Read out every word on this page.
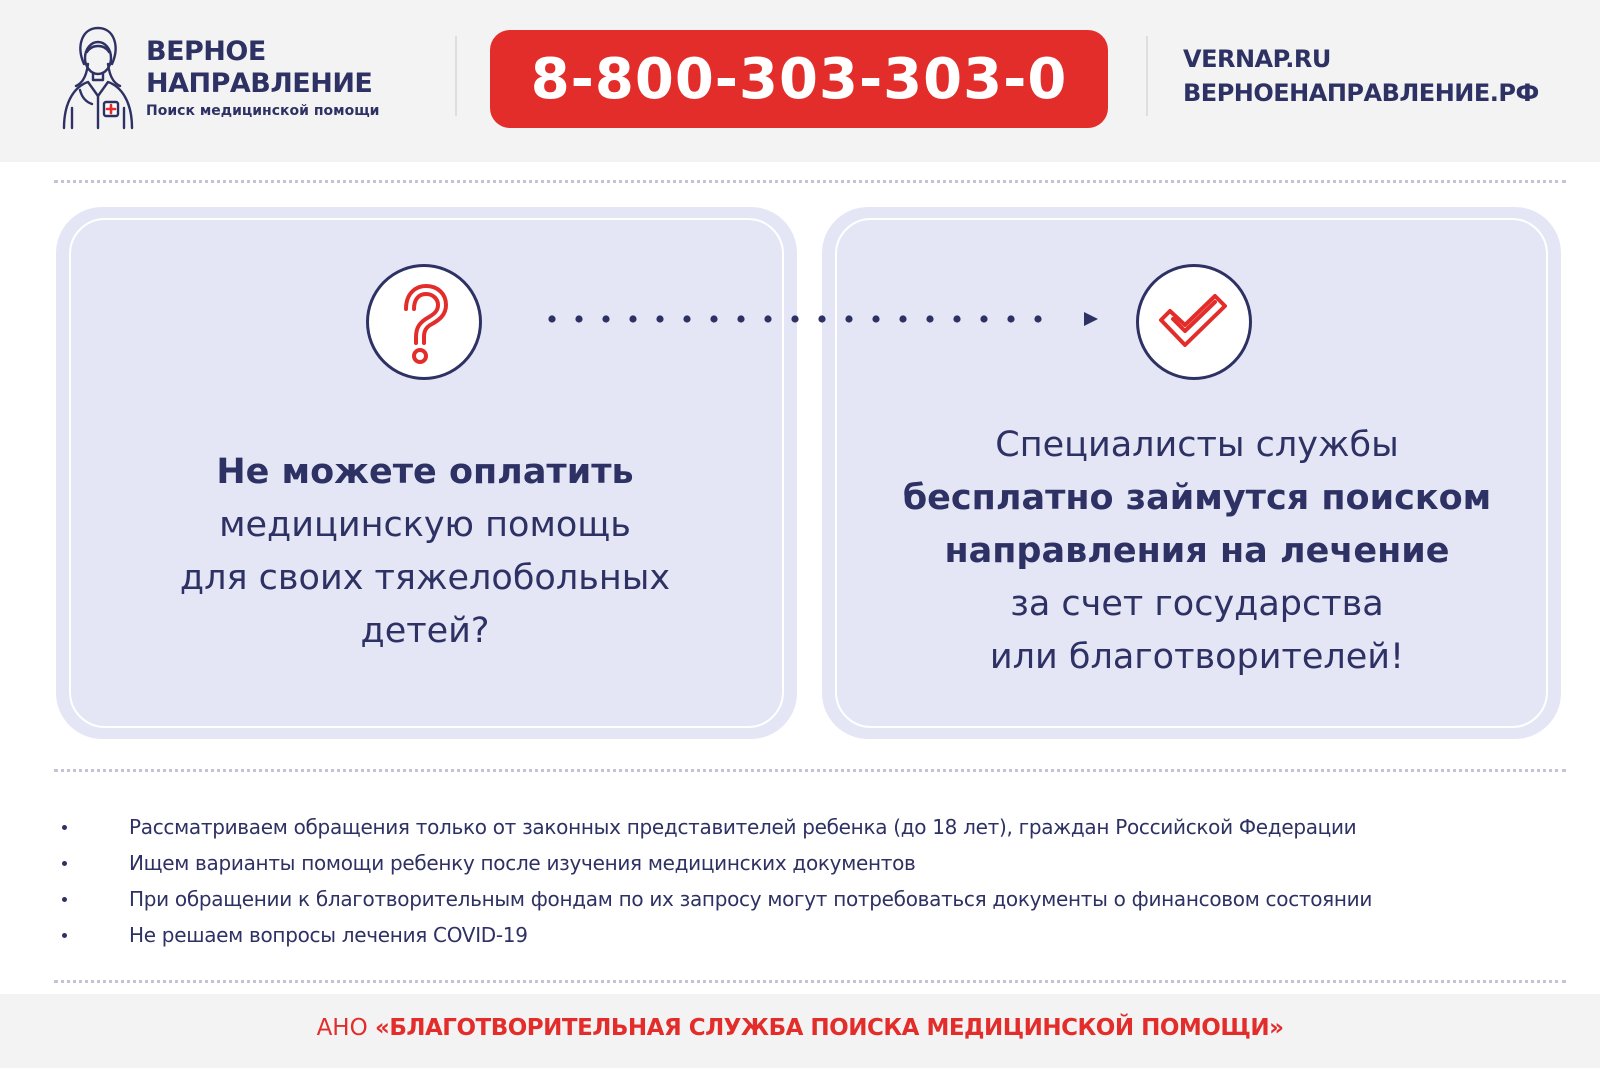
ВЕРНОЕ
НАПРАВЛЕНИЕ
Поиск медицинской помощи	8-800-303-303-0	VERNAP.RU
ВЕРНОЕНАПРАВЛЕНИЕ.РФ
Не можете оплатить
медицинскую помощь
для своих тяжелобольных
детей?
Специалисты службы
бесплатно займутся поиском
направления на лечение
за счет государства
или благотворителей!
Рассматриваем обращения только от законных представителей ребенка (до 18 лет), граждан Российской Федерации
Ищем варианты помощи ребенку после изучения медицинских документов
При обращении к благотворительным фондам по их запросу могут потребоваться документы о финансовом состоянии
Не решаем вопросы лечения COVID-19
АНО «БЛАГОТВОРИТЕЛЬНАЯ СЛУЖБА ПОИСКА МЕДИЦИНСКОЙ ПОМОЩИ»
